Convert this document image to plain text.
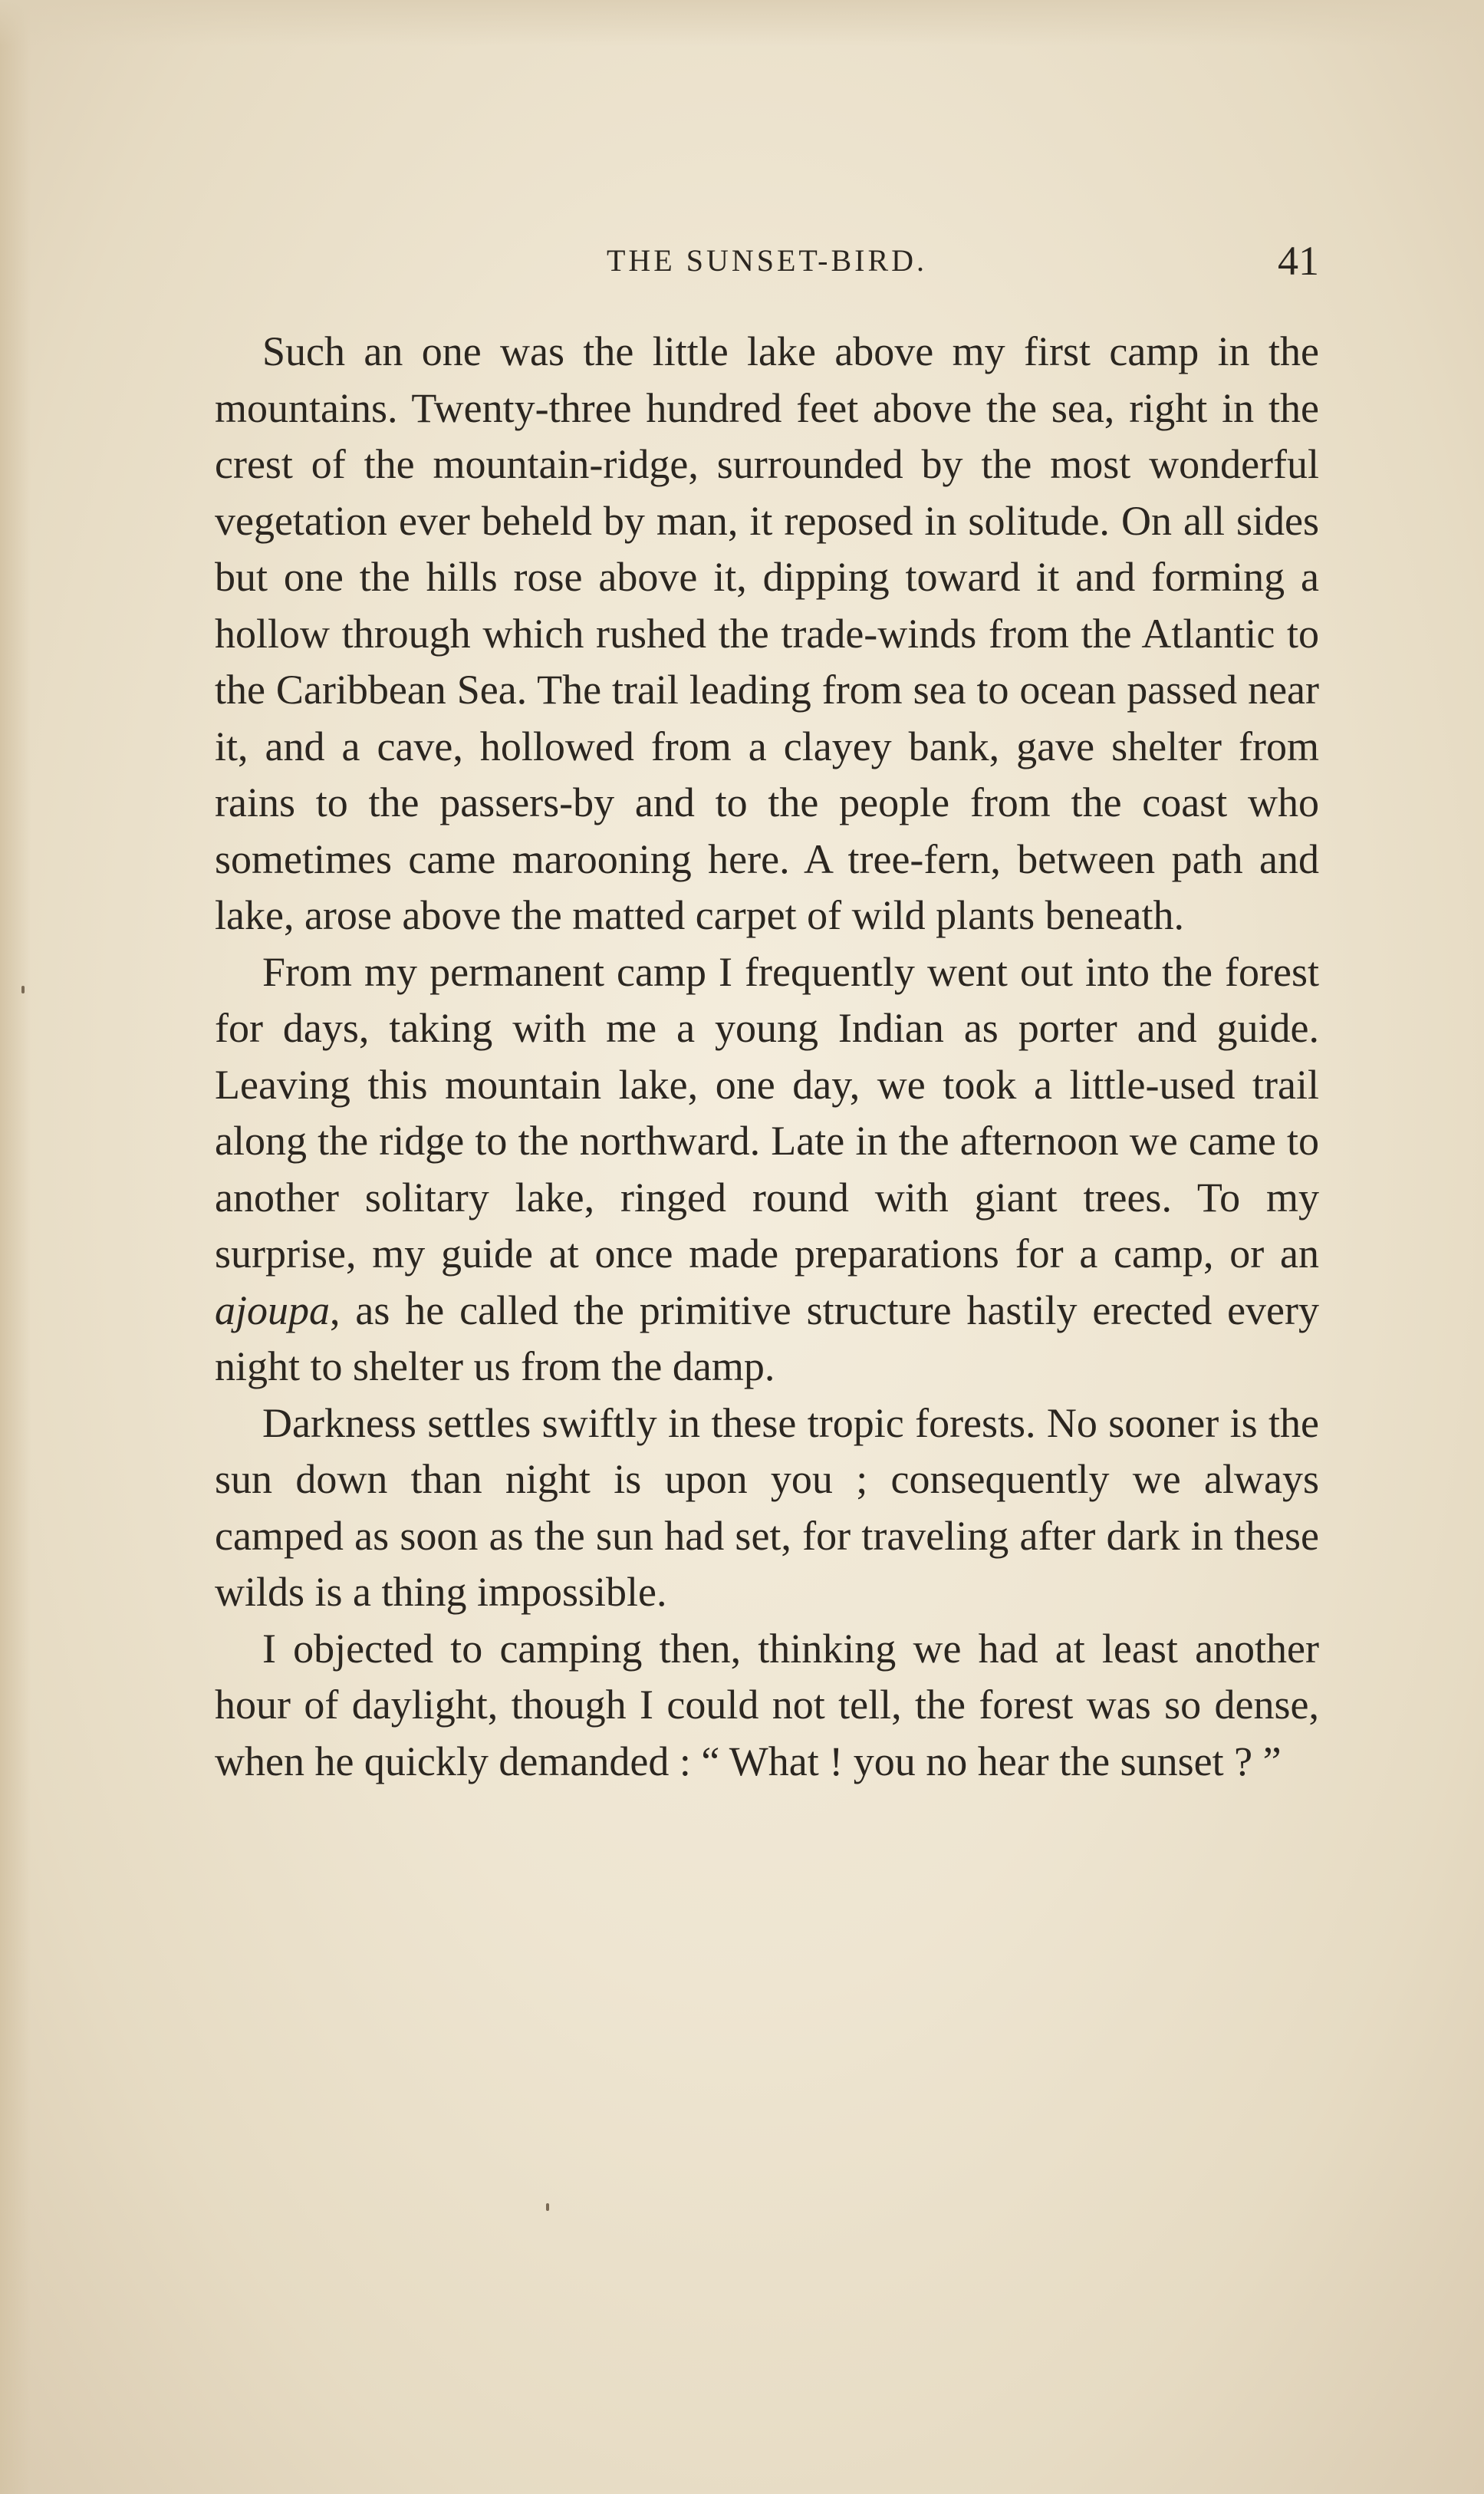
THE SUNSET-BIRD.	41

Such an one was the little lake above my first camp in the mountains. Twenty-three hundred feet above the sea, right in the crest of the mountain-ridge, surrounded by the most wonderful vegetation ever beheld by man, it reposed in solitude. On all sides but one the hills rose above it, dipping toward it and forming a hollow through which rushed the trade-winds from the Atlantic to the Caribbean Sea. The trail leading from sea to ocean passed near it, and a cave, hollowed from a clayey bank, gave shelter from rains to the passers-by and to the people from the coast who sometimes came marooning here. A tree-fern, between path and lake, arose above the matted carpet of wild plants beneath.

From my permanent camp I frequently went out into the forest for days, taking with me a young Indian as porter and guide. Leaving this mountain lake, one day, we took a little-used trail along the ridge to the northward. Late in the afternoon we came to another solitary lake, ringed round with giant trees. To my surprise, my guide at once made preparations for a camp, or an ajoupa, as he called the primitive structure hastily erected every night to shelter us from the damp.

Darkness settles swiftly in these tropic forests. No sooner is the sun down than night is upon you ; consequently we always camped as soon as the sun had set, for traveling after dark in these wilds is a thing impossible.

I objected to camping then, thinking we had at least another hour of daylight, though I could not tell, the forest was so dense, when he quickly demanded : “ What ! you no hear the sunset ? ”
